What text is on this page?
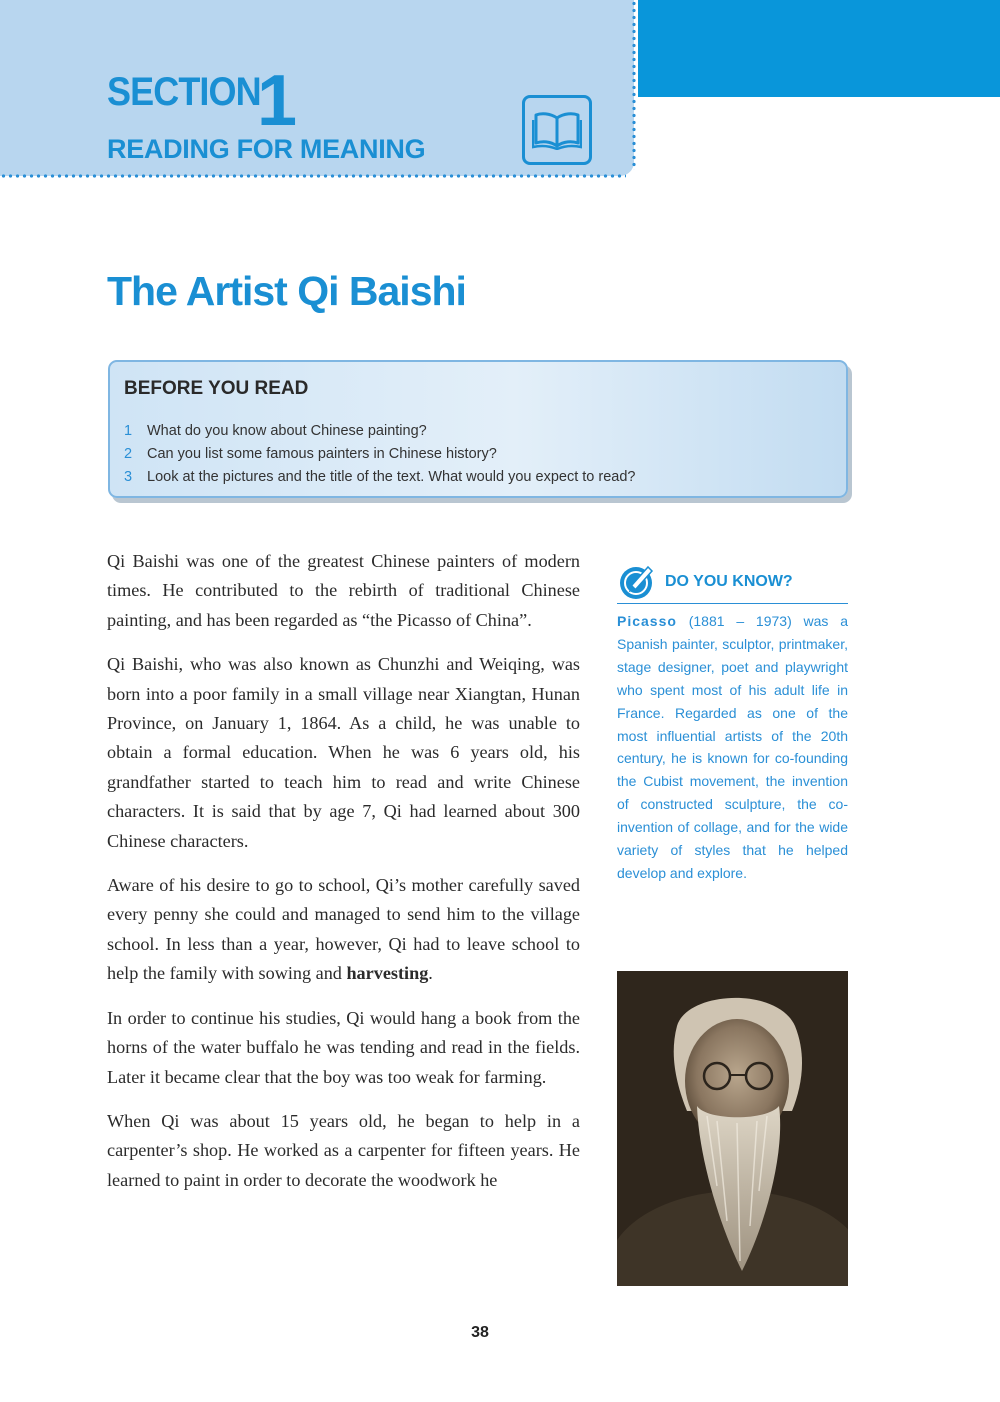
SECTION
1
READING FOR MEANING
The Artist Qi Baishi
BEFORE YOU READ
1 What do you know about Chinese painting?
2 Can you list some famous painters in Chinese history?
3 Look at the pictures and the title of the text. What would you expect to read?

Qi Baishi was one of the greatest Chinese painters of modern times. He contributed to the rebirth of traditional Chinese painting, and has been regarded as “the Picasso of China”.

Qi Baishi, who was also known as Chunzhi and Weiqing, was born into a poor family in a small village near Xiangtan, Hunan Province, on January 1, 1864. As a child, he was unable to obtain a formal education. When he was 6 years old, his grandfather started to teach him to read and write Chinese characters. It is said that by age 7, Qi had learned about 300 Chinese characters.

Aware of his desire to go to school, Qi’s mother carefully saved every penny she could and managed to send him to the village school. In less than a year, however, Qi had to leave school to help the family with sowing and harvesting.

In order to continue his studies, Qi would hang a book from the horns of the water buffalo he was tending and read in the fields. Later it became clear that the boy was too weak for farming.

When Qi was about 15 years old, he began to help in a carpenter’s shop. He worked as a carpenter for fifteen years. He learned to paint in order to decorate the woodwork he

DO YOU KNOW?

Picasso (1881 – 1973) was a Spanish painter, sculptor, printmaker, stage designer, poet and playwright who spent most of his adult life in France. Regarded as one of the most influential artists of the 20th century, he is known for co-founding the Cubist movement, the invention of constructed sculpture, the co-invention of collage, and for the wide variety of styles that he helped develop and explore.

38
